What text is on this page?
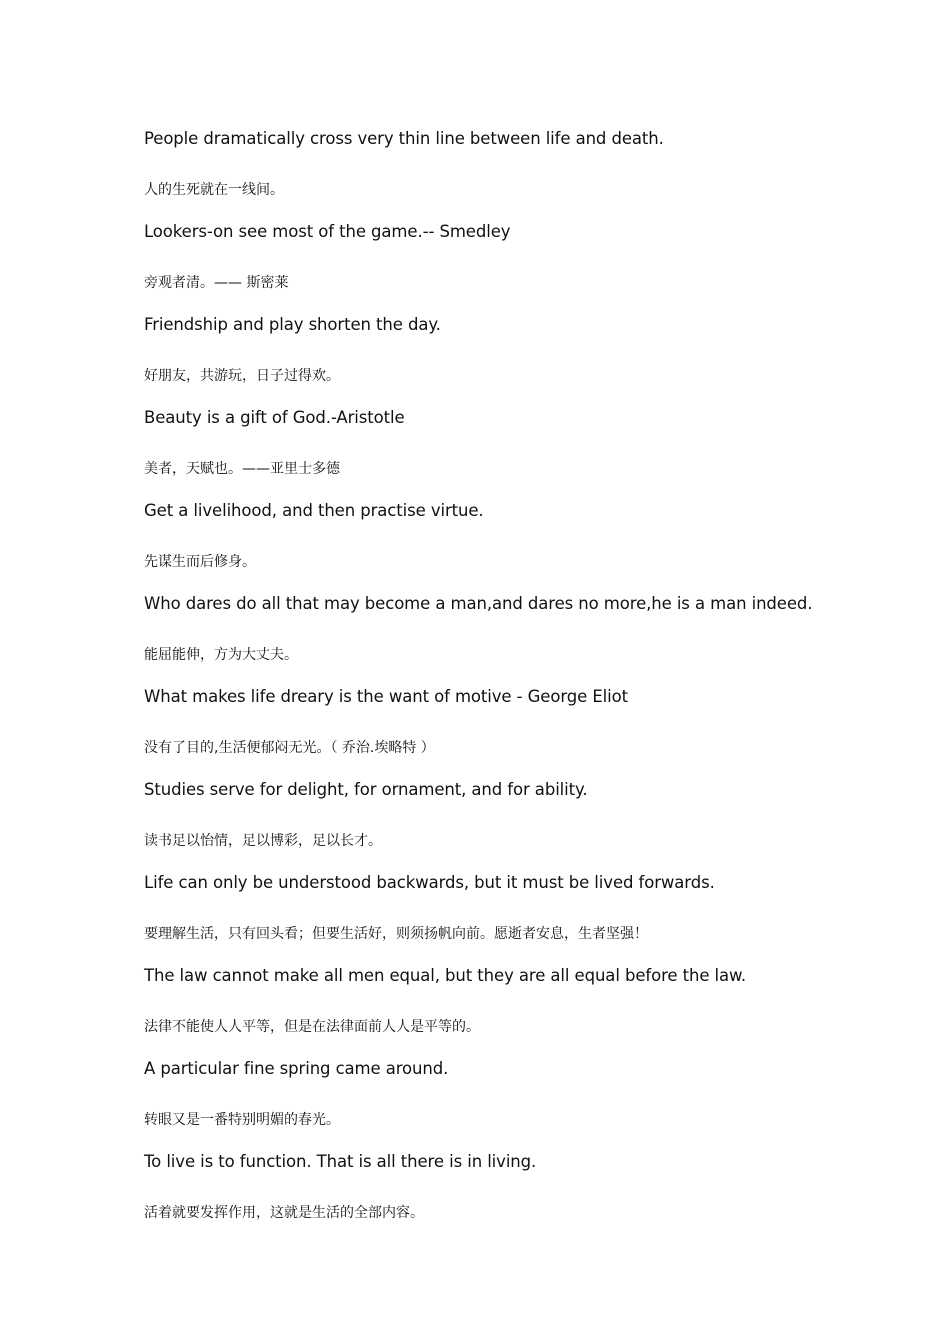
People dramatically cross very thin line between life and death.
人的生死就在一线间。
Lookers-on see most of the game.-- Smedley
旁观者清。—— 斯密莱
Friendship and play shorten the day.
好朋友，共游玩，日子过得欢。
Beauty is a gift of God.-Aristotle
美者，天赋也。——亚里士多德
Get a livelihood, and then practise virtue.
先谋生而后修身。
Who dares do all that may become a man,and dares no more,he is a man indeed.
能屈能伸，方为大丈夫。
What makes life dreary is the want of motive - George Eliot
没有了目的,生活便郁闷无光。（ 乔治.埃略特 ）
Studies serve for delight, for ornament, and for ability.
读书足以怡情，足以博彩，足以长才。
Life can only be understood backwards, but it must be lived forwards.
要理解生活，只有回头看；但要生活好，则须扬帆向前。愿逝者安息，生者坚强！
The law cannot make all men equal, but they are all equal before the law.
法律不能使人人平等，但是在法律面前人人是平等的。
A particular fine spring came around.
转眼又是一番特别明媚的春光。
To live is to function. That is all there is in living.
活着就要发挥作用，这就是生活的全部内容。
